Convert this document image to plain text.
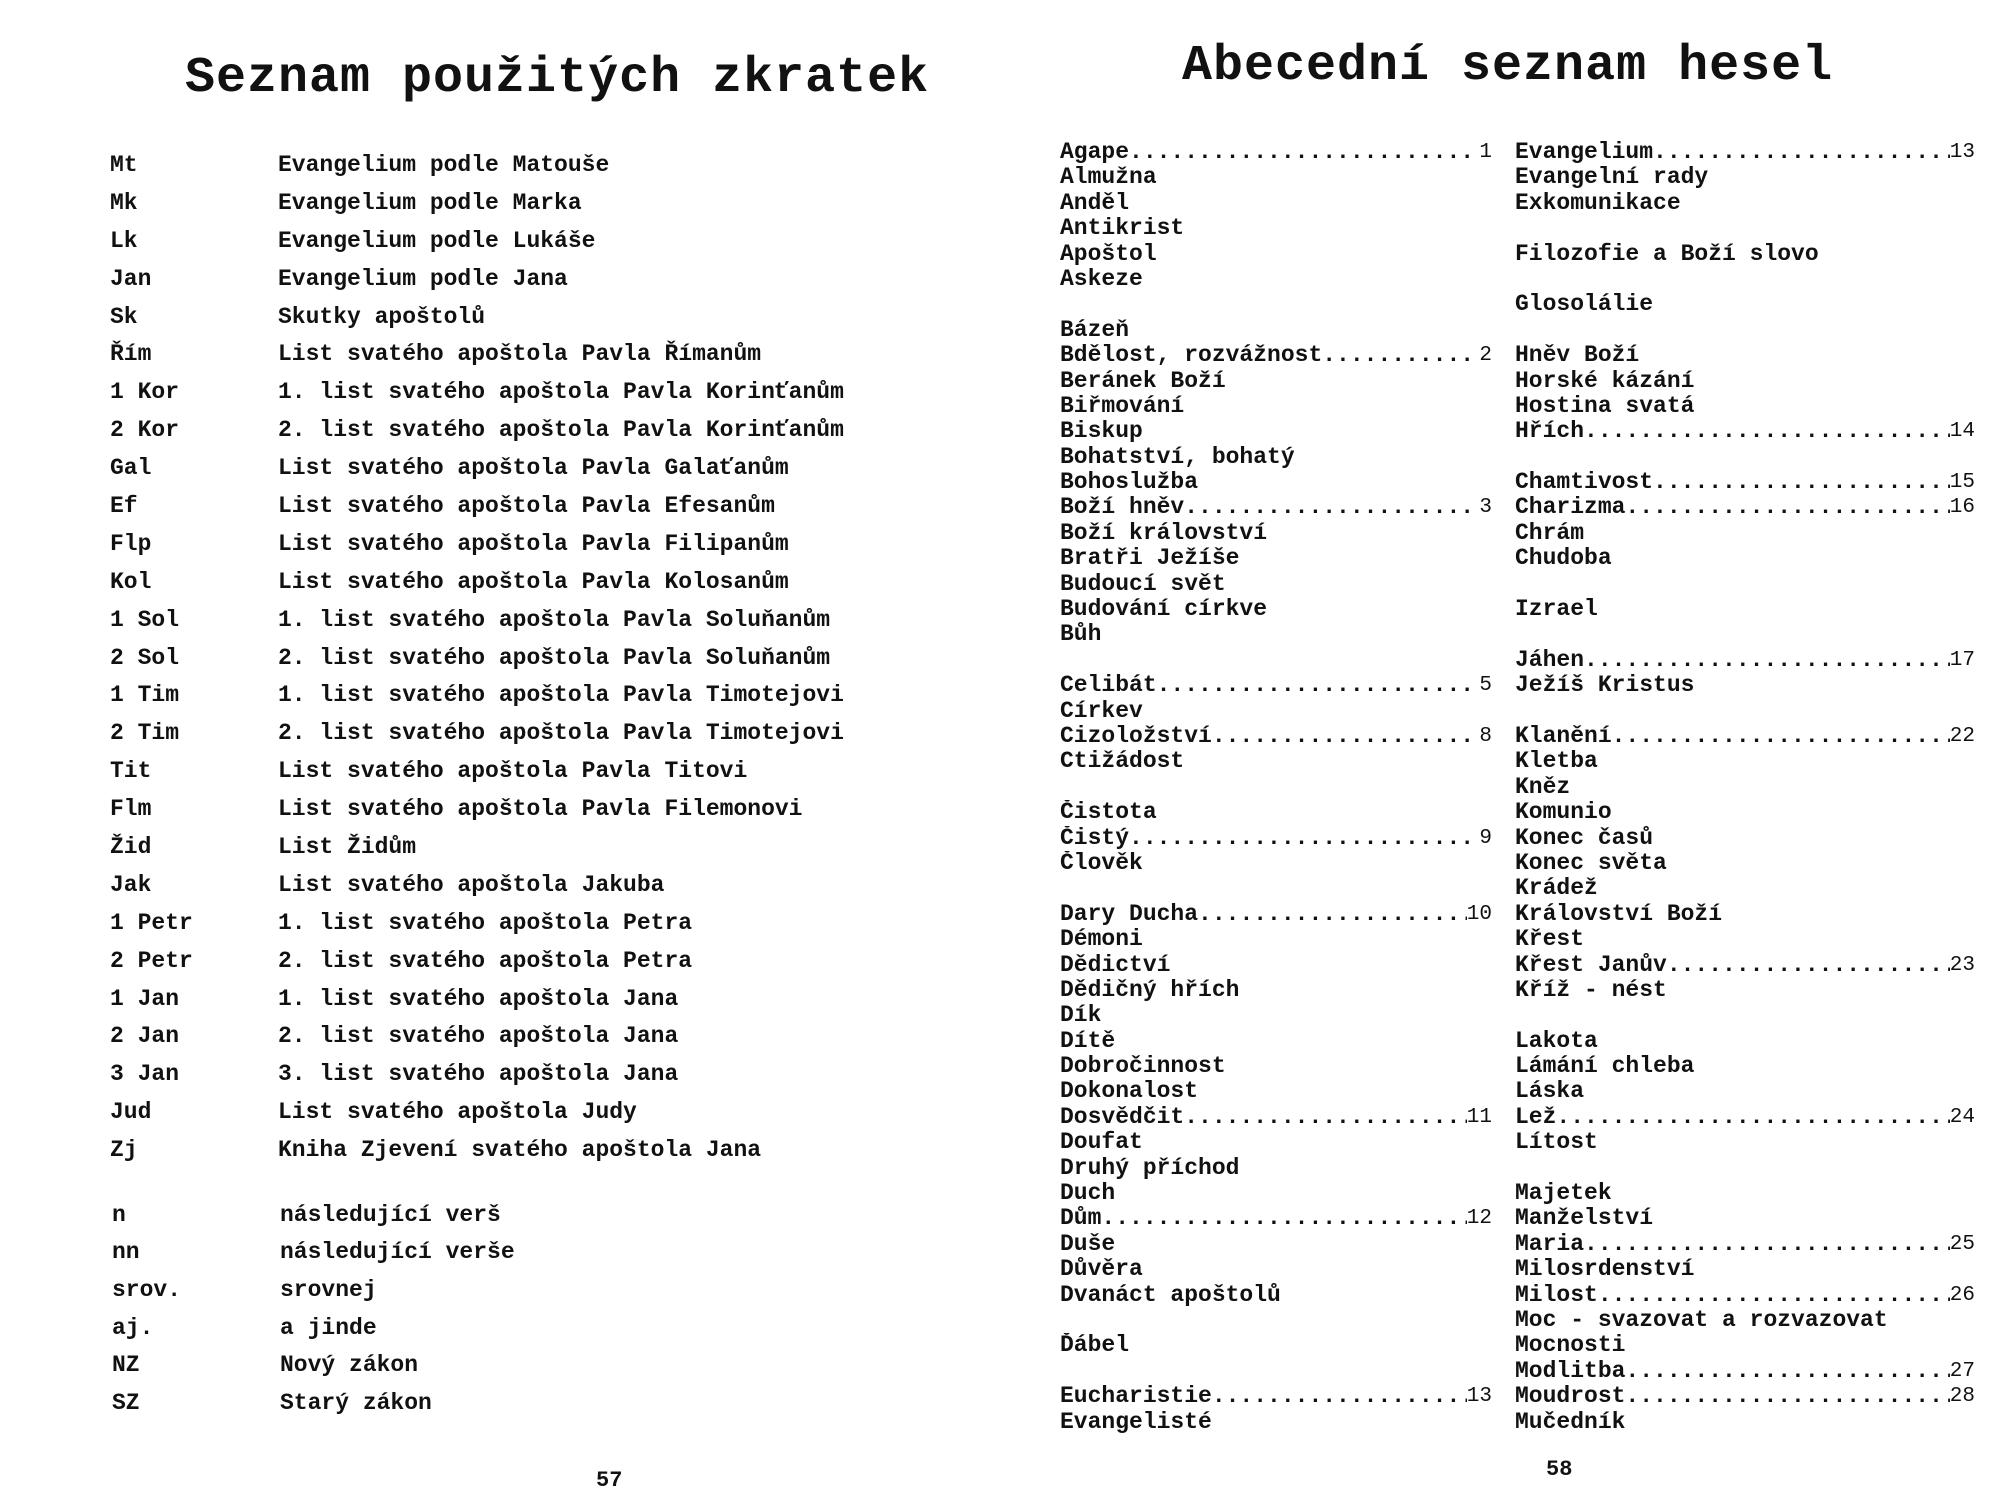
Seznam použitých zkratek
Mt	Evangelium podle Matouše
Mk	Evangelium podle Marka
Lk	Evangelium podle Lukáše
Jan	Evangelium podle Jana
Sk	Skutky apoštolů
Řím	List svatého apoštola Pavla Římanům
1 Kor	1. list svatého apoštola Pavla Korinťanům
2 Kor	2. list svatého apoštola Pavla Korinťanům
Gal	List svatého apoštola Pavla Galaťanům
Ef	List svatého apoštola Pavla Efesanům
Flp	List svatého apoštola Pavla Filipanům
Kol	List svatého apoštola Pavla Kolosanům
1 Sol	1. list svatého apoštola Pavla Soluňanům
2 Sol	2. list svatého apoštola Pavla Soluňanům
1 Tim	1. list svatého apoštola Pavla Timotejovi
2 Tim	2. list svatého apoštola Pavla Timotejovi
Tit	List svatého apoštola Pavla Titovi
Flm	List svatého apoštola Pavla Filemonovi
Žid	List Židům
Jak	List svatého apoštola Jakuba
1 Petr	1. list svatého apoštola Petra
2 Petr	2. list svatého apoštola Petra
1 Jan	1. list svatého apoštola Jana
2 Jan	2. list svatého apoštola Jana
3 Jan	3. list svatého apoštola Jana
Jud	List svatého apoštola Judy
Zj	Kniha Zjevení svatého apoštola Jana
n	následující verš
nn	následující verše
srov.	srovnej
aj.	a jinde
NZ	Nový zákon
SZ	Starý zákon
57
Abecední seznam hesel
Agape .....	1
Almužna
Anděl
Antikrist
Apoštol
Askeze
Bázeň
Bdělost, rozvážnost .....	2
Beránek Boží
Biřmování
Biskup
Bohatství, bohatý
Bohoslužba
Boží hněv .....	3
Boží království
Bratři Ježíše
Budoucí svět
Budování církve
Bůh
Celibát .....	5
Církev
Cizoložství .....	8
Ctižádost
Čistota
Čistý .....	9
Člověk
Dary Ducha .....	10
Démoni
Dědictví
Dědičný hřích
Dík
Dítě
Dobročinnost
Dokonalost
Dosvědčit .....	11
Doufat
Druhý příchod
Duch
Dům .....	12
Duše
Důvěra
Dvanáct apoštolů
Ďábel
Eucharistie .....	13
Evangelisté
Evangelium .....	13
Evangelní rady
Exkomunikace
Filozofie a Boží slovo
Glosolálie
Hněv Boží
Horské kázání
Hostina svatá
Hřích .....	14
Chamtivost .....	15
Charizma .....	16
Chrám
Chudoba
Izrael
Jáhen .....	17
Ježíš Kristus
Klanění .....	22
Kletba
Kněz
Komunio
Konec časů
Konec světa
Krádež
Království Boží
Křest
Křest Janův .....	23
Kříž - nést
Lakota
Lámání chleba
Láska
Lež .....	24
Lítost
Majetek
Manželství
Maria .....	25
Milosrdenství
Milost .....	26
Moc - svazovat a rozvazovat
Mocnosti
Modlitba .....	27
Moudrost .....	28
Mučedník
58
